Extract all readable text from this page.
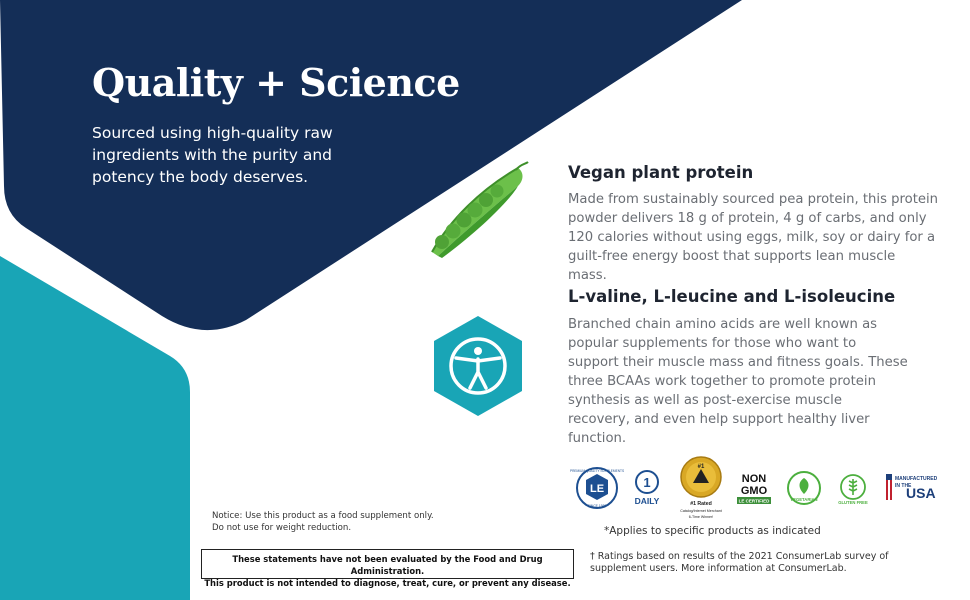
Quality + Science

Sourced using high-quality raw ingredients with the purity and potency the body deserves.	Vegan plant protein

Made from sustainably sourced pea protein, this protein powder delivers 18 g of protein, 4 g of carbs, and only 120 calories without using eggs, milk, soy or dairy for a guilt-free energy boost that supports lean muscle mass.

L-valine, L-leucine and L-isoleucine

Branched chain amino acids are well known as popular supplements for those who want to support their muscle mass and fitness goals. These three BCAAs work together to promote protein synthesis as well as post-exercise muscle recovery, and even help support healthy liver function.

LE
PREMIUM QUALITY SUPPLEMENTS
SINCE 1980
1
DAILY
#1
#1 Rated
Catalog/Internet Merchant
6-Time Winner!
NON
GMO
LE CERTIFIED	VEGETARIAN
GLUTEN FREE
MANUFACTURED
IN THE
USA
Notice: Use this product as a food supplement only.
Do not use for weight reduction.
These statements have not been evaluated by the Food and Drug Administration.
This product is not intended to diagnose, treat, cure, or prevent any disease.
*Applies to specific products as indicated
† Ratings based on results of the 2021 ConsumerLab survey of
supplement users. More information at ConsumerLab.
